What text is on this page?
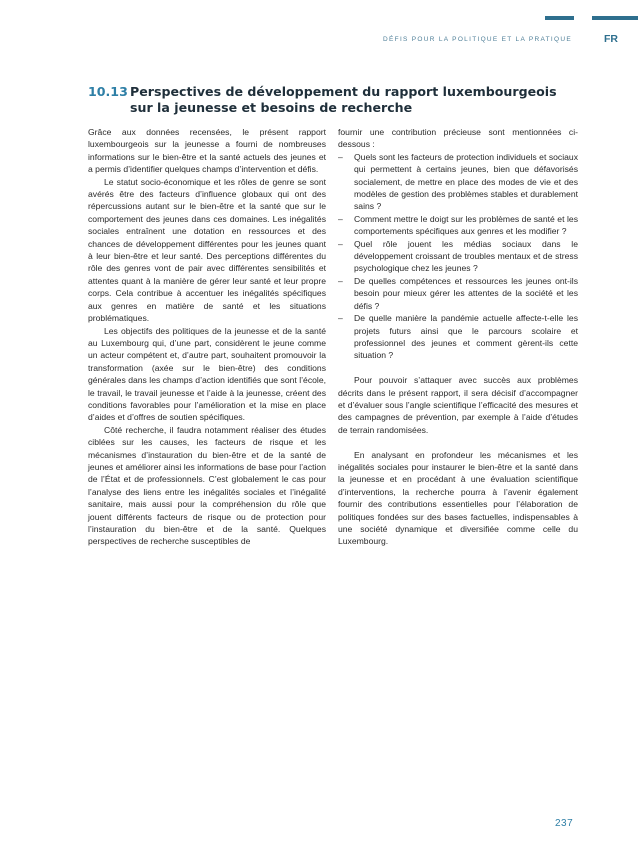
DÉFIS POUR LA POLITIQUE ET LA PRATIQUE	FR
10.13 Perspectives de développement du rapport luxembourgeois sur la jeunesse et besoins de recherche

Grâce aux données recensées, le présent rapport luxembourgeois sur la jeunesse a fourni de nombreuses informations sur le bien-être et la santé actuels des jeunes et a permis d’identifier quelques champs d’intervention et défis.

Le statut socio-économique et les rôles de genre se sont avérés être des facteurs d’influence globaux qui ont des répercussions autant sur le bien-être et la santé que sur le comportement des jeunes dans ces domaines. Les inégalités sociales entraînent une dotation en ressources et des chances de développement différentes pour les jeunes quant à leur bien-être et leur santé. Des perceptions différentes du rôle des genres vont de pair avec différentes sensibilités et attentes quant à la manière de gérer leur santé et leur propre corps. Cela contribue à accentuer les inégalités spécifiques aux genres en matière de santé et les situations problématiques.

Les objectifs des politiques de la jeunesse et de la santé au Luxembourg qui, d’une part, considèrent le jeune comme un acteur compétent et, d’autre part, souhaitent promouvoir la transformation (axée sur le bien-être) des conditions générales dans les champs d’action identifiés que sont l’école, le travail, le travail jeunesse et l’aide à la jeunesse, créent des conditions favorables pour l’amélioration et la mise en place d’aides et d’offres de soutien spécifiques.

Côté recherche, il faudra notamment réaliser des études ciblées sur les causes, les facteurs de risque et les mécanismes d’instauration du bien-être et de la santé de jeunes et améliorer ainsi les informations de base pour l’action de l’État et de professionnels. C’est globalement le cas pour l’analyse des liens entre les inégalités sociales et l’inégalité sanitaire, mais aussi pour la compréhension du rôle que jouent différents facteurs de risque ou de protection pour l’instauration du bien-être et de la santé. Quelques perspectives de recherche susceptibles de

fournir une contribution précieuse sont mentionnées ci-dessous :

– Quels sont les facteurs de protection individuels et sociaux qui permettent à certains jeunes, bien que défavorisés socialement, de mettre en place des modes de vie et des modèles de gestion des problèmes stables et durablement sains ?
– Comment mettre le doigt sur les problèmes de santé et les comportements spécifiques aux genres et les modifier ?
– Quel rôle jouent les médias sociaux dans le développement croissant de troubles mentaux et de stress psychologique chez les jeunes ?
– De quelles compétences et ressources les jeunes ont-ils besoin pour mieux gérer les attentes de la société et les défis ?
– De quelle manière la pandémie actuelle affecte-t-elle les projets futurs ainsi que le parcours scolaire et professionnel des jeunes et comment gèrent-ils cette situation ?

Pour pouvoir s’attaquer avec succès aux problèmes décrits dans le présent rapport, il sera décisif d’accompagner et d’évaluer sous l’angle scientifique l’efficacité des mesures et des campagnes de prévention, par exemple à l’aide d’études de terrain randomisées.

En analysant en profondeur les mécanismes et les inégalités sociales pour instaurer le bien-être et la santé dans la jeunesse et en procédant à une évaluation scientifique d’interventions, la recherche pourra à l’avenir également fournir des contributions essentielles pour l’élaboration de politiques fondées sur des bases factuelles, indispensables à une société dynamique et diversifiée comme celle du Luxembourg.

237
